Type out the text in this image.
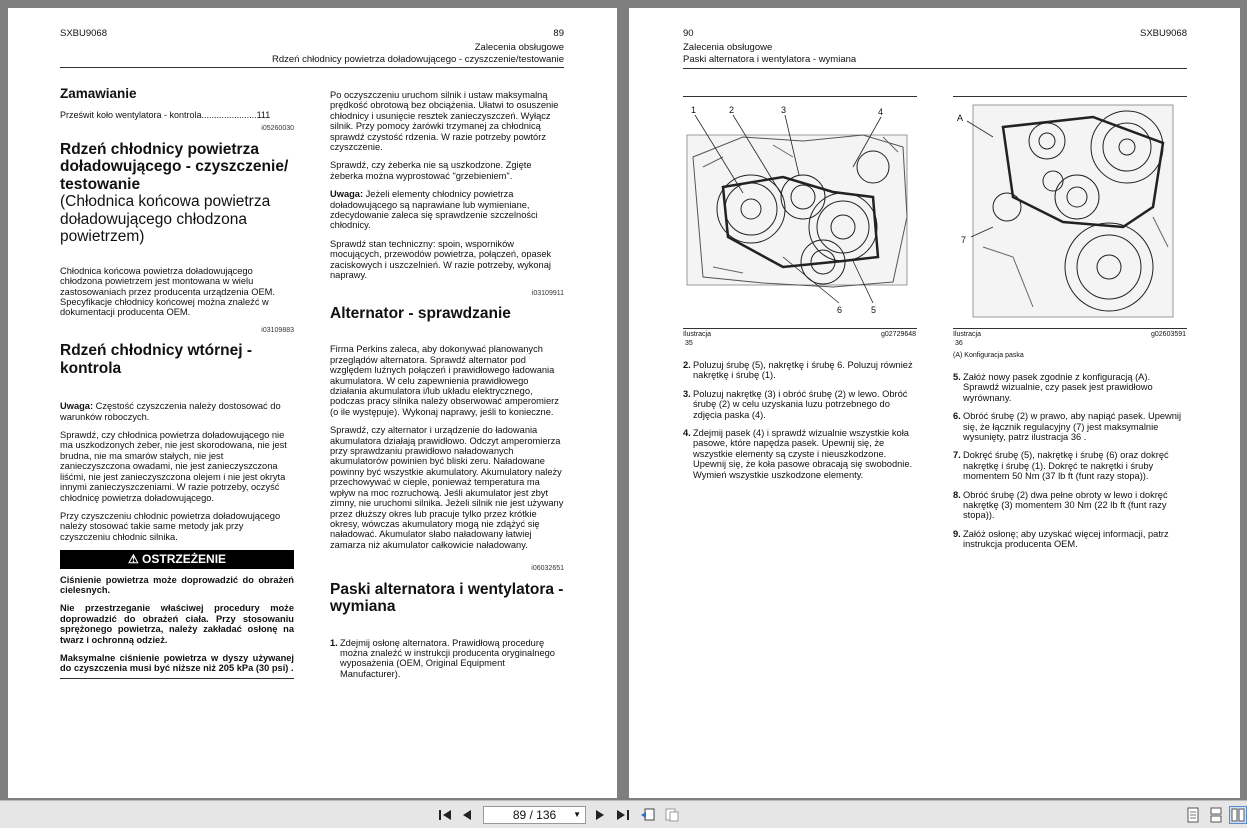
SXBU9068	89
Zalecenia obsługowe
Rdzeń chłodnicy powietrza doładowującego - czyszczenie/testowanie
Zamawianie
Prześwit koło wentylatora - kontrola......................111
i05260030
Rdzeń chłodnicy powietrza doładowującego - czyszczenie/ testowanie
(Chłodnica końcowa powietrza doładowującego chłodzona powietrzem)

Chłodnica końcowa powietrza doładowującego chłodzona powietrzem jest montowana w wielu zastosowaniach przez producenta urządzenia OEM. Specyfikacje chłodnicy końcowej można znaleźć w dokumentacji producenta OEM.

i03109883
Rdzeń chłodnicy wtórnej - kontrola

Uwaga: Częstość czyszczenia należy dostosować do warunków roboczych.

Sprawdź, czy chłodnica powietrza doładowującego nie ma uszkodzonych żeber, nie jest skorodowana, nie jest brudna, nie ma smarów stałych, nie jest zanieczyszczona owadami, nie jest zanieczyszczona liśćmi, nie jest zanieczyszczona olejem i nie jest okryta innymi zanieczyszczeniami. W razie potrzeby, oczyść chłodnicę powietrza doładowującego.

Przy czyszczeniu chłodnic powietrza doładowującego należy stosować takie same metody jak przy czyszczeniu chłodnic silnika.

⚠ OSTRZEŻENIE

Ciśnienie powietrza może doprowadzić do obrażeń cielesnych.

Nie przestrzeganie właściwej procedury może doprowadzić do obrażeń ciała. Przy stosowaniu sprężonego powietrza, należy zakładać osłonę na twarz i ochronną odzież.

Maksymalne ciśnienie powietrza w dyszy używanej do czyszczenia musi być niższe niż 205 kPa (30 psi) .

Po oczyszczeniu uruchom silnik i ustaw maksymalną prędkość obrotową bez obciążenia. Ułatwi to osuszenie chłodnicy i usunięcie resztek zanieczyszczeń. Wyłącz silnik. Przy pomocy żarówki trzymanej za chłodnicą sprawdź czystość rdzenia. W razie potrzeby powtórz czyszczenie.

Sprawdź, czy żeberka nie są uszkodzone. Zgięte żeberka można wyprostować "grzebieniem".

Uwaga: Jeżeli elementy chłodnicy powietrza doładowującego są naprawiane lub wymieniane, zdecydowanie zaleca się sprawdzenie szczelności chłodnicy.

Sprawdź stan techniczny: spoin, wsporników mocujących, przewodów powietrza, połączeń, opasek zaciskowych i uszczelnień. W razie potrzeby, wykonaj naprawy.

i03109911
Alternator - sprawdzanie

Firma Perkins zaleca, aby dokonywać planowanych przeglądów alternatora. Sprawdź alternator pod względem luźnych połączeń i prawidłowego ładowania akumulatora. W celu zapewnienia prawidłowego działania akumulatora i/lub układu elektrycznego, podczas pracy silnika należy obserwować amperomierz (o ile występuje). Wykonaj naprawy, jeśli to konieczne.

Sprawdź, czy alternator i urządzenie do ładowania akumulatora działają prawidłowo. Odczyt amperomierza przy sprawdzaniu prawidłowo naładowanych akumulatorów powinien być bliski zeru. Naładowane powinny być wszystkie akumulatory. Akumulatory należy przechowywać w cieple, ponieważ temperatura ma wpływ na moc rozruchową. Jeśli akumulator jest zbyt zimny, nie uruchomi silnika. Jeżeli silnik nie jest używany przez dłuższy okres lub pracuje tylko przez krótkie okresy, wówczas akumulatory mogą nie zdążyć się naładować. Akumulator słabo naładowany łatwiej zamarza niż akumulator całkowicie naładowany.

i06032651
Paski alternatora i wentylatora - wymiana
1. Zdejmij osłonę alternatora. Prawidłową procedurę można znaleźć w instrukcji producenta oryginalnego wyposażenia (OEM, Original Equipment Manufacturer).
90	SXBU9068
Zalecenia obsługowe
Paski alternatora i wentylatora - wymiana
1	2	3	4
6	5
Ilustracja
35
g02729648
A
7
Ilustracja
36
g02603591
(A) Konfiguracja paska
2. Poluzuj śrubę (5), nakrętkę i śrubę 6. Poluzuj również nakrętkę i śrubę (1).
3. Poluzuj nakrętkę (3) i obróć śrubę (2) w lewo. Obróć śrubę (2) w celu uzyskania luzu potrzebnego do zdjęcia paska (4).
4. Zdejmij pasek (4) i sprawdź wizualnie wszystkie koła pasowe, które napędza pasek. Upewnij się, że wszystkie elementy są czyste i nieuszkodzone. Upewnij się, że koła pasowe obracają się swobodnie. Wymień wszystkie uszkodzone elementy.
5. Załóż nowy pasek zgodnie z konfiguracją (A). Sprawdź wizualnie, czy pasek jest prawidłowo wyrównany.
6. Obróć śrubę (2) w prawo, aby napiąć pasek. Upewnij się, że łącznik regulacyjny (7) jest maksymalnie wysunięty, patrz ilustracja 36 .
7. Dokręć śrubę (5), nakrętkę i śrubę (6) oraz dokręć nakrętkę i śrubę (1). Dokręć te nakrętki i śruby momentem 50 Nm (37 lb ft (funt razy stopa)).
8. Obróć śrubę (2) dwa pełne obroty w lewo i dokręć nakrętkę (3) momentem 30 Nm (22 lb ft (funt razy stopa)).
9. Załóż osłonę; aby uzyskać więcej informacji, patrz instrukcja producenta OEM.
89 / 136 ▼
